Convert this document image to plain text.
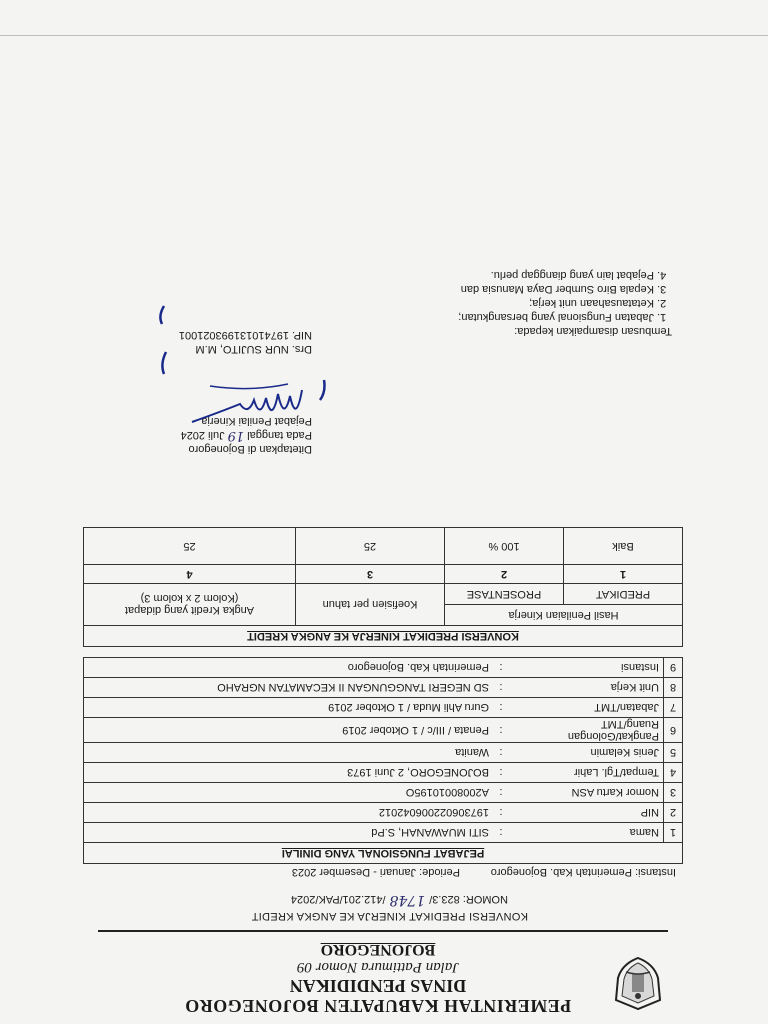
PEMERINTAH KABUPATEN BOJONEGORO
DINAS PENDIDIKAN
Jalan Pattimura Nomor 09
BOJONEGORO
KONVERSI PREDIKAT KINERJA KE ANGKA KREDIT
NOMOR: 823.3/1748/412.201/PAK/2024
Instansi: Pemerintah Kab. Bojonegoro
Periode: Januari - Desember 2023
PEJABAT FUNGSIONAL YANG DINILAI			
1	Nama	:	SITI MUAWANAH, S.Pd
2	NIP	:	197306022006042012
3	Nomor Kartu ASN	:	A20080010195O
4	Tempat/Tgl. Lahir	:	BOJONEGORO, 2 Juni 1973
5	Jenis Kelamin	:	Wanita
6	Pangkat/Golongan Ruang/TMT	:	Penata / III/c / 1 Oktober 2019
7	Jabatan/TMT	:	Guru Ahli Muda / 1 Oktober 2019
8	Unit Kerja	:	SD NEGERI TANGGUNGAN II KECAMATAN NGRAHO
9	Instansi	:	Pemerintah Kab. Bojonegoro
KONVERSI PREDIKAT KINERJA KE ANGKA KREDIT			
Hasil Penilaian Kinerja		Koefisien per tahun	Angka Kredit yang didapat
(Kolom 2 x kolom 3)

PREDIKAT	PROSENTASE		
1	2	3	4
Baik	100 %	25	25
Ditetapkan di Bojonegoro
Pada tanggal19Juli 2024
Pejabat Penilai Kinerja
Drs. NUR SUJITO, M.M
NIP. 197410131993021001	Tembusan disampaikan kepada:
1. Jabatan Fungsional yang bersangkutan;
2. Ketatausahaan unit kerja;
3. Kepala Biro Sumber Daya Manusia dan
4. Pejabat lain yang dianggap perlu.
